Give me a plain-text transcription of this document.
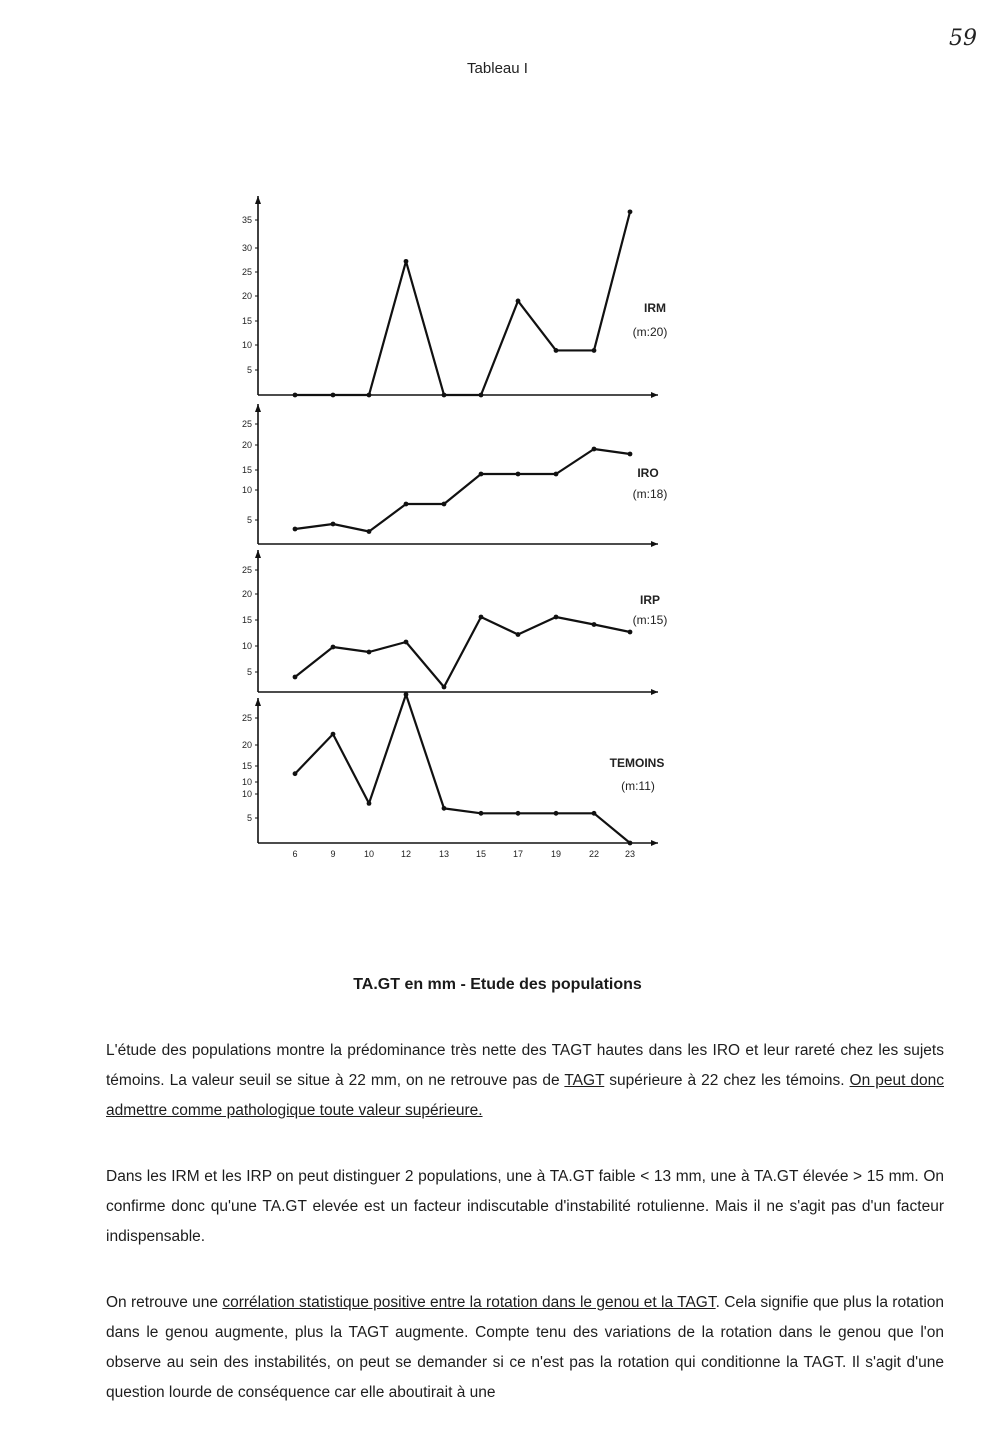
59
Tableau I
35
30
25
20
15
10
5
IRM
(m:20)
25
20
15
10
5
IRO
(m:18)
25
20
15
10
5
IRP
(m:15)
25
20
15
10
10
5
TEMOINS
(m:11)
6	9	10	12	13	15	17	19	22	23
TA.GT en mm - Etude des populations

L'étude des populations montre la prédominance très nette des TAGT hautes dans les IRO et leur rareté chez les sujets témoins. La valeur seuil se situe à 22 mm, on ne retrouve pas de TAGT supérieure à 22 chez les témoins. On peut donc admettre comme pathologique toute valeur supérieure.

Dans les IRM et les IRP on peut distinguer 2 populations, une à TA.GT faible < 13 mm, une à TA.GT élevée > 15 mm. On confirme donc qu'une TA.GT elevée est un facteur indiscutable d'instabilité rotulienne. Mais il ne s'agit pas d'un facteur indispensable.

On retrouve une corrélation statistique positive entre la rotation dans le genou et la TAGT. Cela signifie que plus la rotation dans le genou augmente, plus la TAGT augmente. Compte tenu des variations de la rotation dans le genou que l'on observe au sein des instabilités, on peut se demander si ce n'est pas la rotation qui conditionne la TAGT. Il s'agit d'une question lourde de conséquence car elle aboutirait à une
